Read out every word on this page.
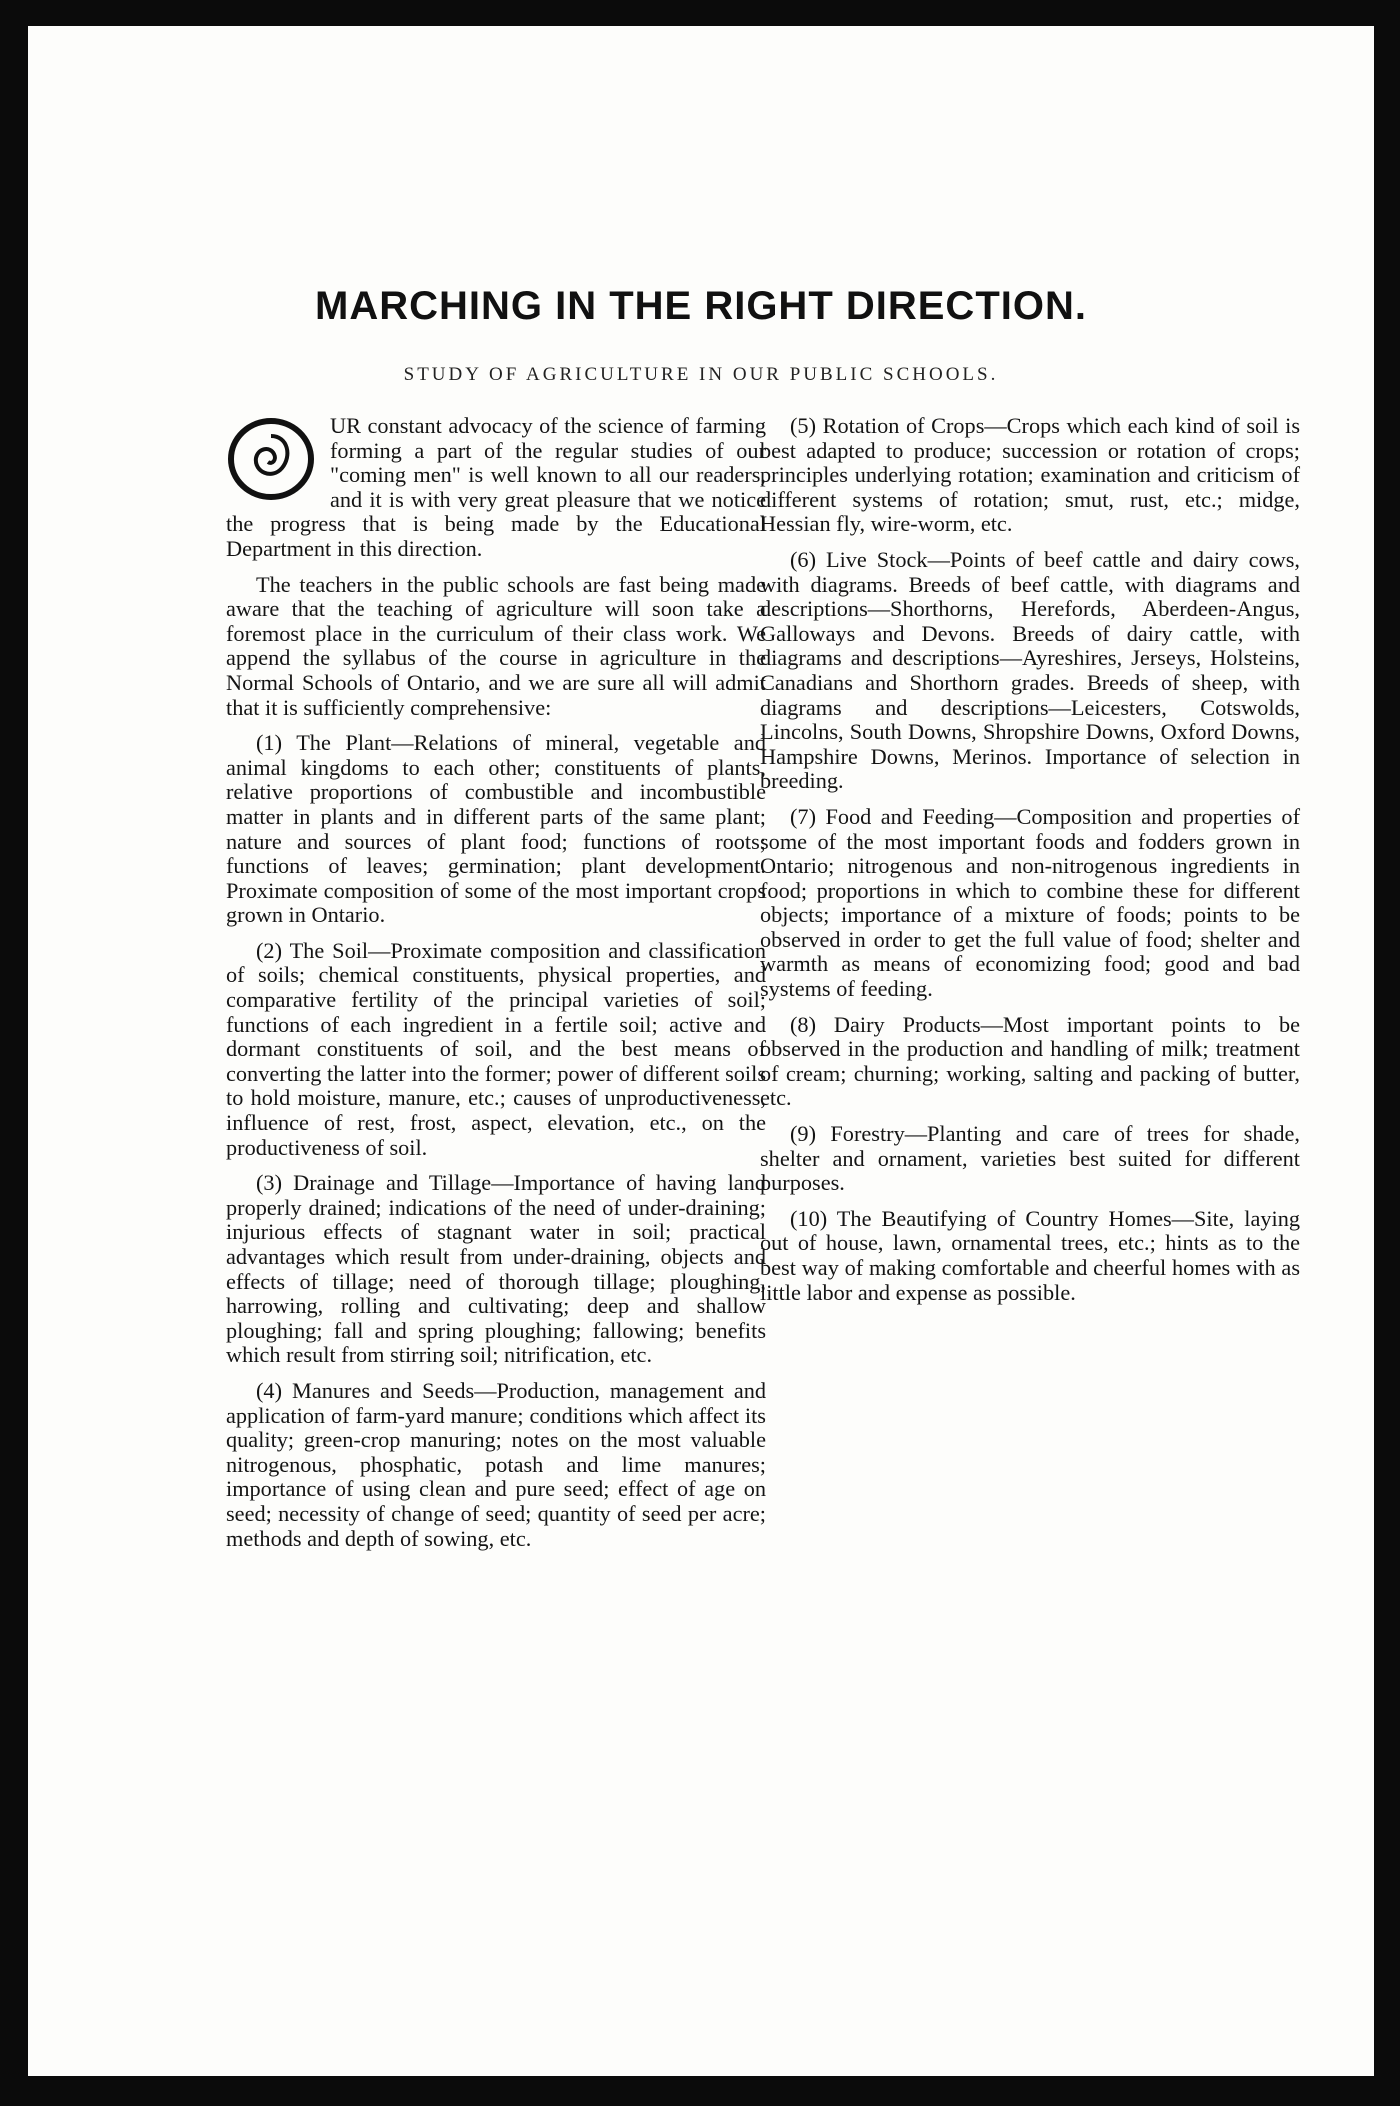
MARCHING IN THE RIGHT DIRECTION.
STUDY OF AGRICULTURE IN OUR PUBLIC SCHOOLS.

O
UR constant advocacy of the science of farming forming a part of the regular studies of our "coming men" is well known to all our readers, and it is with very great pleasure that we notice the progress that is being made by the Educational Department in this direction.

The teachers in the public schools are fast being made aware that the teaching of agriculture will soon take a foremost place in the curriculum of their class work. We append the syllabus of the course in agriculture in the Normal Schools of Ontario, and we are sure all will admit that it is sufficiently comprehensive:

(1) The Plant—Relations of mineral, vegetable and animal kingdoms to each other; constituents of plants, relative proportions of combustible and incombustible matter in plants and in different parts of the same plant; nature and sources of plant food; functions of roots; functions of leaves; germination; plant development. Proximate composition of some of the most important crops grown in Ontario.

(2) The Soil—Proximate composition and classification of soils; chemical constituents, physical properties, and comparative fertility of the principal varieties of soil; functions of each ingredient in a fertile soil; active and dormant constituents of soil, and the best means of converting the latter into the former; power of different soils to hold moisture, manure, etc.; causes of unproductiveness, influence of rest, frost, aspect, elevation, etc., on the productiveness of soil.

(3) Drainage and Tillage—Importance of having land properly drained; indications of the need of under-draining; injurious effects of stagnant water in soil; practical advantages which result from under-draining, objects and effects of tillage; need of thorough tillage; ploughing, harrowing, rolling and cultivating; deep and shallow ploughing; fall and spring ploughing; fallowing; benefits which result from stirring soil; nitrification, etc.

(4) Manures and Seeds—Production, management and application of farm-yard manure; conditions which affect its quality; green-crop manuring; notes on the most valuable nitrogenous, phosphatic, potash and lime manures; importance of using clean and pure seed; effect of age on seed; necessity of change of seed; quantity of seed per acre; methods and depth of sowing, etc.

(5) Rotation of Crops—Crops which each kind of soil is best adapted to produce; succession or rotation of crops; principles underlying rotation; examination and criticism of different systems of rotation; smut, rust, etc.; midge, Hessian fly, wire-worm, etc.

(6) Live Stock—Points of beef cattle and dairy cows, with diagrams. Breeds of beef cattle, with diagrams and descriptions—Shorthorns, Herefords, Aberdeen-Angus, Galloways and Devons. Breeds of dairy cattle, with diagrams and descriptions—Ayreshires, Jerseys, Holsteins, Canadians and Shorthorn grades. Breeds of sheep, with diagrams and descriptions—Leicesters, Cotswolds, Lincolns, South Downs, Shropshire Downs, Oxford Downs, Hampshire Downs, Merinos. Importance of selection in breeding.

(7) Food and Feeding—Composition and properties of some of the most important foods and fodders grown in Ontario; nitrogenous and non-nitrogenous ingredients in food; proportions in which to combine these for different objects; importance of a mixture of foods; points to be observed in order to get the full value of food; shelter and warmth as means of economizing food; good and bad systems of feeding.

(8) Dairy Products—Most important points to be observed in the production and handling of milk; treatment of cream; churning; working, salting and packing of butter, etc.

(9) Forestry—Planting and care of trees for shade, shelter and ornament, varieties best suited for different purposes.

(10) The Beautifying of Country Homes—Site, laying out of house, lawn, ornamental trees, etc.; hints as to the best way of making comfortable and cheerful homes with as little labor and expense as possible.
